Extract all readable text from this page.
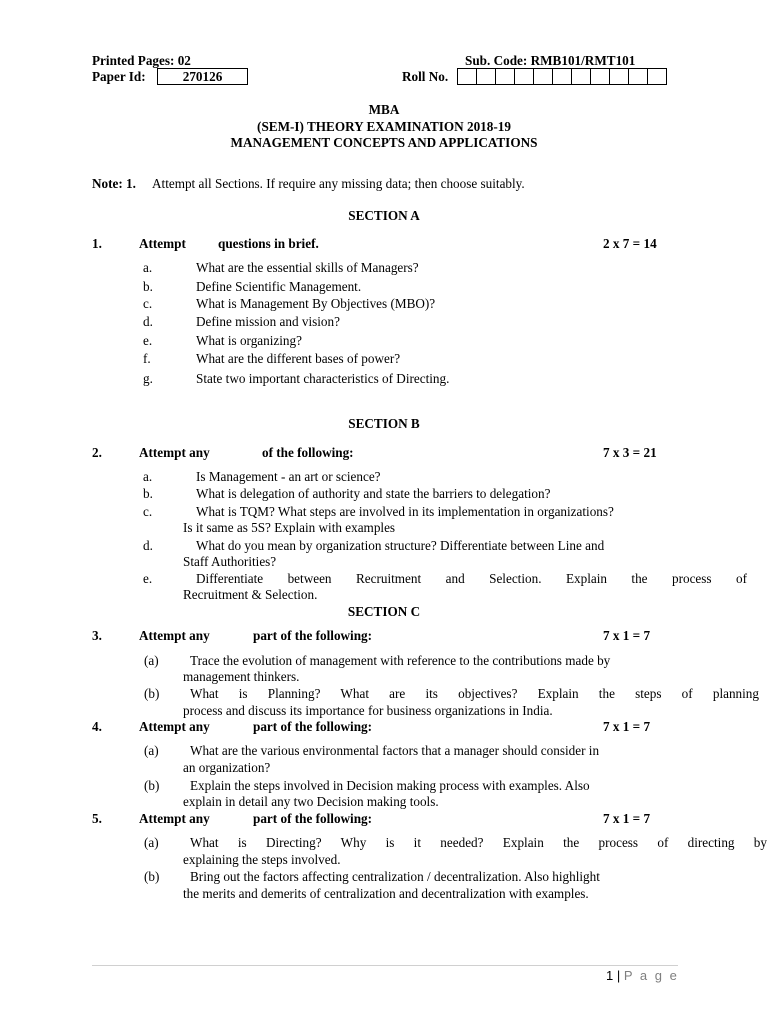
Printed Pages: 02	Sub. Code: RMB101/RMT101
Paper Id:	270126	Roll No.
MBA
(SEM-I) THEORY EXAMINATION 2018-19
MANAGEMENT CONCEPTS AND APPLICATIONS
Note: 1. Attempt all Sections. If require any missing data; then choose suitably.
SECTION A
1.	Attempt questions in brief.	2 x 7 = 14
a.	What are the essential skills of Managers?
b.	Define Scientific Management.
c.	What is Management By Objectives (MBO)?
d.	Define mission and vision?
e.	What is organizing?
f.	What are the different bases of power?
g.	State two important characteristics of Directing.
SECTION B
2.	Attempt any	of the following:	7 x 3 = 21
a.	Is Management - an art or science?
b.	What is delegation of authority and state the barriers to delegation?
c.	What is TQM? What steps are involved in its implementation in organizations?
Is it same as 5S? Explain with examples
d.	What do you mean by organization structure? Differentiate between Line and
Staff Authorities?
e.	Differentiate between Recruitment and Selection. Explain the process of
Recruitment & Selection.
SECTION C
3.	Attempt any	part of the following:	7 x 1 = 7
(a) Trace the evolution of management with reference to the contributions made by
management thinkers.
(b) What is Planning? What are its objectives? Explain the steps of planning
process and discuss its importance for business organizations in India.
4.	Attempt any	part of the following:	7 x 1 = 7
(a) What are the various environmental factors that a manager should consider in
an organization?
(b) Explain the steps involved in Decision making process with examples. Also
explain in detail any two Decision making tools.
5.	Attempt any	part of the following:	7 x 1 = 7
(a) What is Directing? Why is it needed? Explain the process of directing by
explaining the steps involved.
(b) Bring out the factors affecting centralization / decentralization. Also highlight
the merits and demerits of centralization and decentralization with examples.
1 | P a g e
